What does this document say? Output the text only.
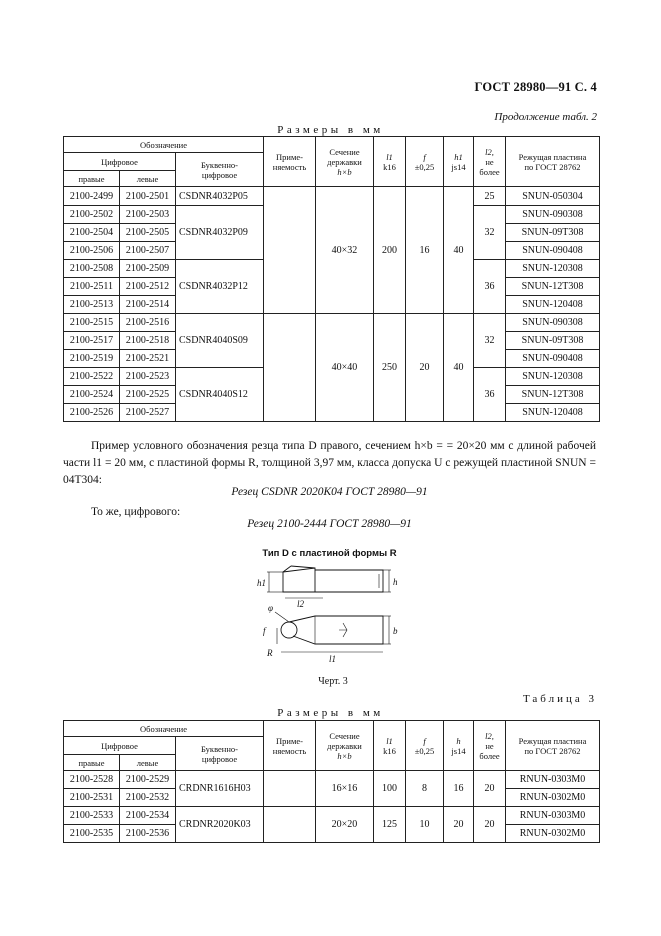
ГОСТ 28980—91 С. 4
Продолжение табл. 2
Размеры в мм
Обозначение			Приме-
няемость	Сечение
державки
h×b	l1
k16	f
±0,25	h1
js14	l2,
не
более	Режущая пластина
по ГОСТ 28762
Цифровое		Буквенно-
цифровое							
правые	левые								
2100-2499	2100-2501	CSDNR4032P05		40×32	200	16	40	25	SNUN-050304
2100-2502	2100-2503	CSDNR4032P09						32	SNUN-090308
2100-2504	2100-2505								SNUN-09T308
2100-2506	2100-2507								SNUN-090408
2100-2508	2100-2509	CSDNR4032P12						36	SNUN-120308
2100-2511	2100-2512								SNUN-12T308
2100-2513	2100-2514								SNUN-120408
2100-2515	2100-2516	CSDNR4040S09		40×40	250	20	40	32	SNUN-090308
2100-2517	2100-2518								SNUN-09T308
2100-2519	2100-2521								SNUN-090408
2100-2522	2100-2523	CSDNR4040S12						36	SNUN-120308
2100-2524	2100-2525								SNUN-12T308
2100-2526	2100-2527								SNUN-120408
Пример условного обозначения резца типа D правого, сечением h×b = = 20×20 мм с длиной рабочей части l1 = 20 мм, с пластиной формы R, толщиной 3,97 мм, класса допуска U с режущей пластиной SNUN = 04T304:
Резец CSDNR 2020K04 ГОСТ 28980—91
То же, цифрового:
Резец 2100-2444 ГОСТ 28980—91
Тип D с пластиной формы R
h1	h
l2
φ
f	b
R
l1
Черт. 3
Таблица 3
Размеры в мм
Обозначение			Приме-
няемость	Сечение
державки
h×b	l1
k16	f
±0,25	h
js14	l2,
не
более	Режущая пластина
по ГОСТ 28762
Цифровое		Буквенно-
цифровое							
правые	левые								
2100-2528	2100-2529	CRDNR1616H03		16×16	100	8	16	20	RNUN-0303M0
2100-2531	2100-2532								RNUN-0302M0
2100-2533	2100-2534	CRDNR2020K03		20×20	125	10	20	20	RNUN-0303M0
2100-2535	2100-2536								RNUN-0302M0
